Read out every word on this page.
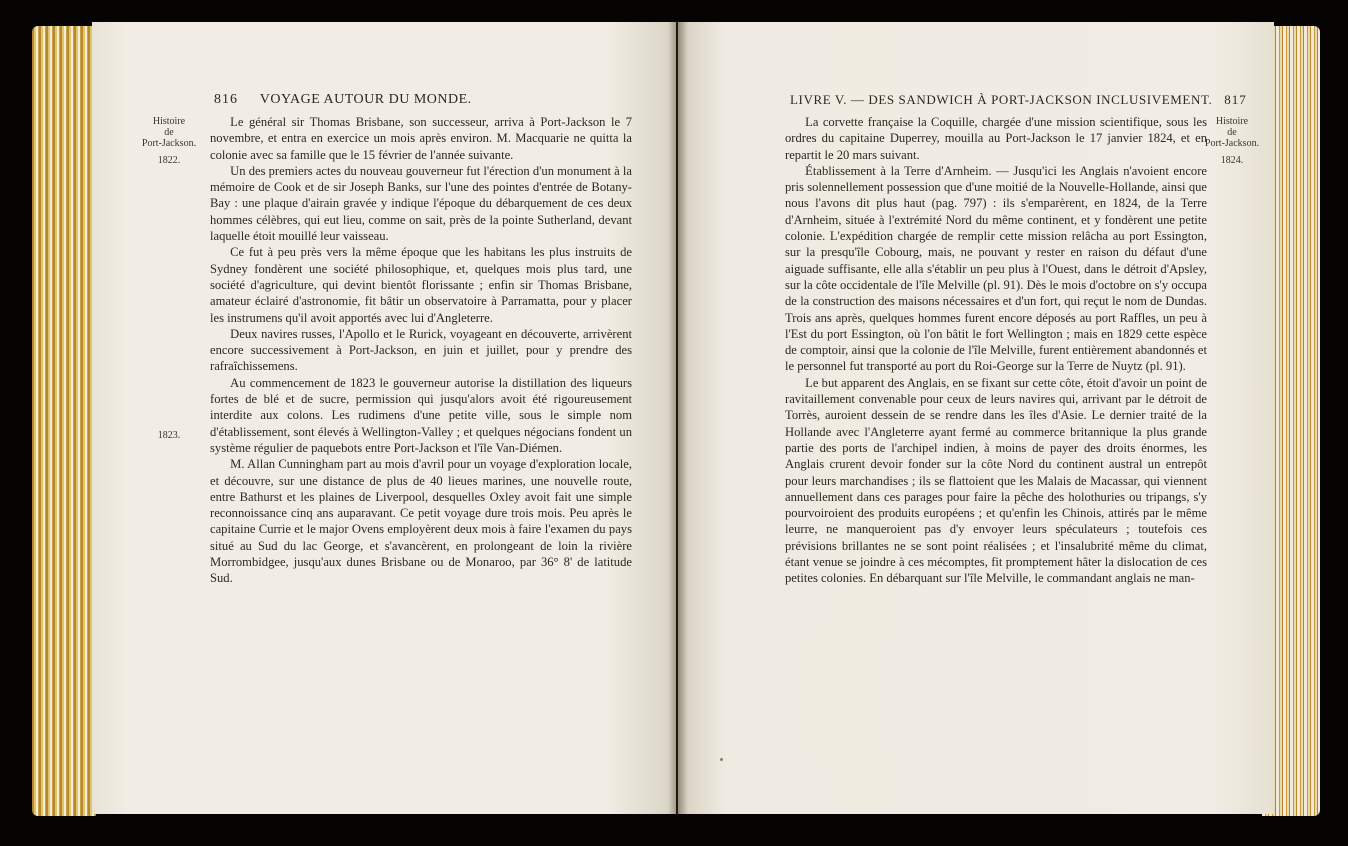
816 VOYAGE AUTOUR DU MONDE.
Histoire
de
Port-Jackson.
1822.
1823.

Le général sir Thomas Brisbane, son successeur, arriva à Port-Jackson le 7 novembre, et entra en exercice un mois après environ. M. Macquarie ne quitta la colonie avec sa famille que le 15 février de l'année suivante.

Un des premiers actes du nouveau gouverneur fut l'érection d'un monument à la mémoire de Cook et de sir Joseph Banks, sur l'une des pointes d'entrée de Botany-Bay : une plaque d'airain gravée y indique l'époque du débarquement de ces deux hommes célèbres, qui eut lieu, comme on sait, près de la pointe Sutherland, devant laquelle étoit mouillé leur vaisseau.

Ce fut à peu près vers la même époque que les habitans les plus instruits de Sydney fondèrent une société philosophique, et, quelques mois plus tard, une société d'agriculture, qui devint bientôt florissante ; enfin sir Thomas Brisbane, amateur éclairé d'astronomie, fit bâtir un observatoire à Parramatta, pour y placer les instrumens qu'il avoit apportés avec lui d'Angleterre.

Deux navires russes, l'Apollo et le Rurick, voyageant en découverte, arrivèrent encore successivement à Port-Jackson, en juin et juillet, pour y prendre des rafraîchissemens.

Au commencement de 1823 le gouverneur autorise la distillation des liqueurs fortes de blé et de sucre, permission qui jusqu'alors avoit été rigoureusement interdite aux colons. Les rudimens d'une petite ville, sous le simple nom d'établissement, sont élevés à Wellington-Valley ; et quelques négocians fondent un système régulier de paquebots entre Port-Jackson et l'île Van-Diémen.

M. Allan Cunningham part au mois d'avril pour un voyage d'exploration locale, et découvre, sur une distance de plus de 40 lieues marines, une nouvelle route, entre Bathurst et les plaines de Liverpool, desquelles Oxley avoit fait une simple reconnoissance cinq ans auparavant. Ce petit voyage dure trois mois. Peu après le capitaine Currie et le major Ovens employèrent deux mois à faire l'examen du pays situé au Sud du lac George, et s'avancèrent, en prolongeant de loin la rivière Morrombidgee, jusqu'aux dunes Brisbane ou de Monaroo, par 36° 8' de latitude Sud.

LIVRE V. — DES SANDWICH À PORT-JACKSON INCLUSIVEMENT. 817
Histoire
de
Port-Jackson.
1824.

La corvette française la Coquille, chargée d'une mission scientifique, sous les ordres du capitaine Duperrey, mouilla au Port-Jackson le 17 janvier 1824, et en repartit le 20 mars suivant.

Établissement à la Terre d'Arnheim. — Jusqu'ici les Anglais n'avoient encore pris solennellement possession que d'une moitié de la Nouvelle-Hollande, ainsi que nous l'avons dit plus haut (pag. 797) : ils s'emparèrent, en 1824, de la Terre d'Arnheim, située à l'extrémité Nord du même continent, et y fondèrent une petite colonie. L'expédition chargée de remplir cette mission relâcha au port Essington, sur la presqu'île Cobourg, mais, ne pouvant y rester en raison du défaut d'une aiguade suffisante, elle alla s'établir un peu plus à l'Ouest, dans le détroit d'Apsley, sur la côte occidentale de l'île Melville (pl. 91). Dès le mois d'octobre on s'y occupa de la construction des maisons nécessaires et d'un fort, qui reçut le nom de Dundas. Trois ans après, quelques hommes furent encore déposés au port Raffles, un peu à l'Est du port Essington, où l'on bâtit le fort Wellington ; mais en 1829 cette espèce de comptoir, ainsi que la colonie de l'île Melville, furent entièrement abandonnés et le personnel fut transporté au port du Roi-George sur la Terre de Nuytz (pl. 91).

Le but apparent des Anglais, en se fixant sur cette côte, étoit d'avoir un point de ravitaillement convenable pour ceux de leurs navires qui, arrivant par le détroit de Torrès, auroient dessein de se rendre dans les îles d'Asie. Le dernier traité de la Hollande avec l'Angleterre ayant fermé au commerce britannique la plus grande partie des ports de l'archipel indien, à moins de payer des droits énormes, les Anglais crurent devoir fonder sur la côte Nord du continent austral un entrepôt pour leurs marchandises ; ils se flattoient que les Malais de Macassar, qui viennent annuellement dans ces parages pour faire la pêche des holothuries ou tripangs, s'y pourvoiroient des produits européens ; et qu'enfin les Chinois, attirés par le même leurre, ne manqueroient pas d'y envoyer leurs spéculateurs ; toutefois ces prévisions brillantes ne se sont point réalisées ; et l'insalubrité même du climat, étant venue se joindre à ces mécomptes, fit promptement hâter la dislocation de ces petites colonies. En débarquant sur l'île Melville, le commandant anglais ne man-
